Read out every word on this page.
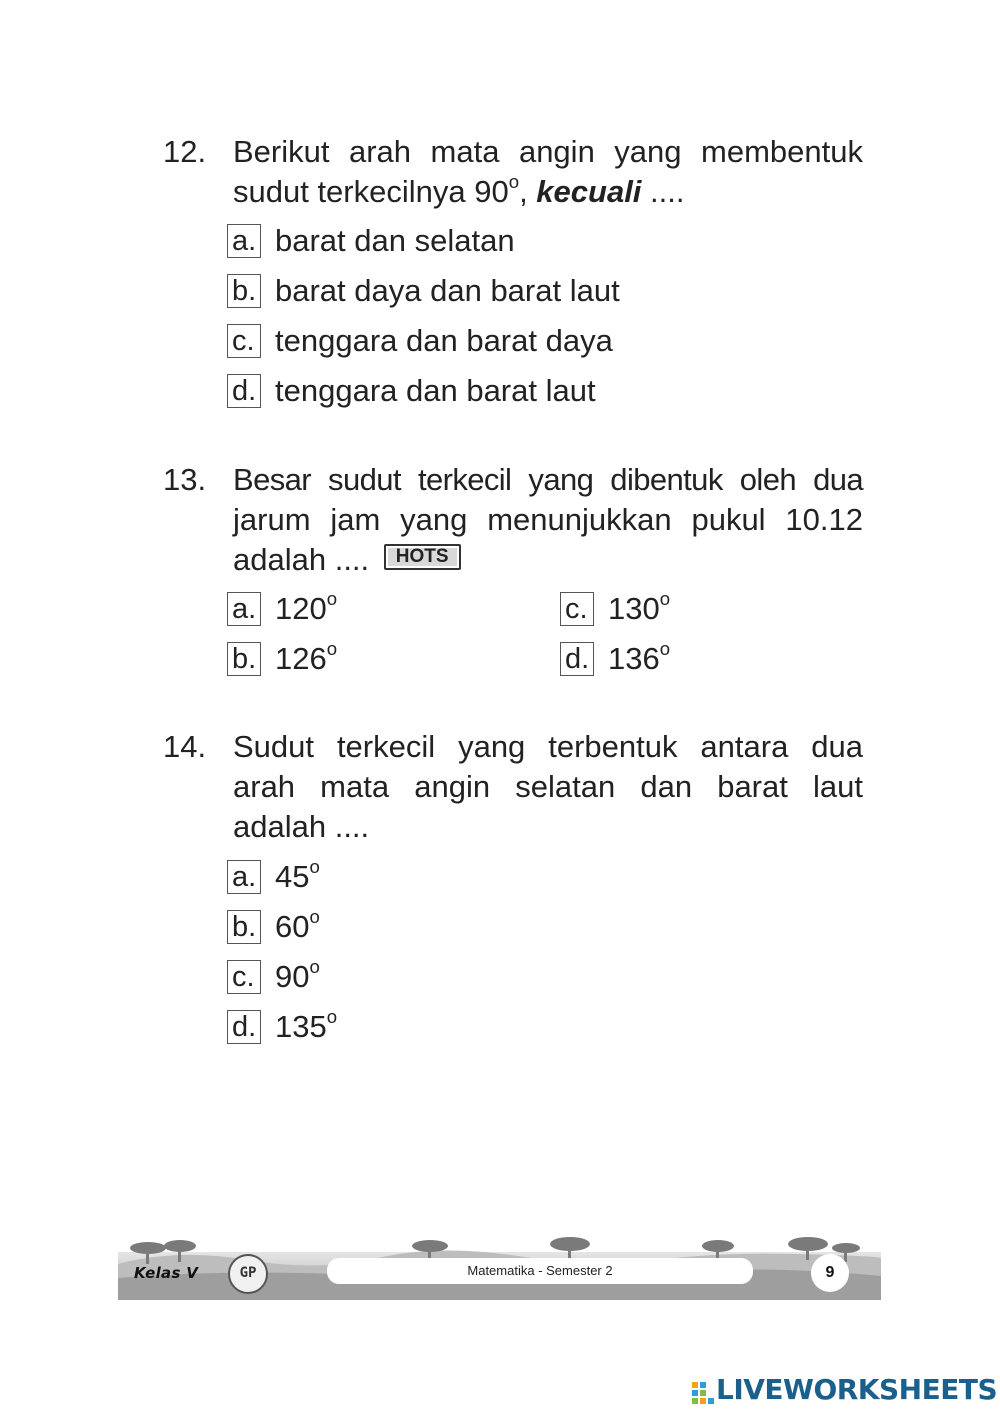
12. Berikut arah mata angin yang membentuk
sudut terkecilnya 90$^o$, kecuali ....
a. barat dan selatan
b. barat daya dan barat laut
c. tenggara dan barat daya
d. tenggara dan barat laut
13. Besar sudut terkecil yang dibentuk oleh dua
jarum jam yang menunjukkan pukul 10.12
adalah .... HOTS
a. 120$^o$
b. 126$^o$
c. 130$^o$
d. 136$^o$
14. Sudut terkecil yang terbentuk antara dua
arah mata angin selatan dan barat laut
adalah ....
a. 45$^o$
b. 60$^o$
c. 90$^o$
d. 135$^o$
Kelas V	GP	Matematika - Semester 2	9
LIVEWORKSHEETS
